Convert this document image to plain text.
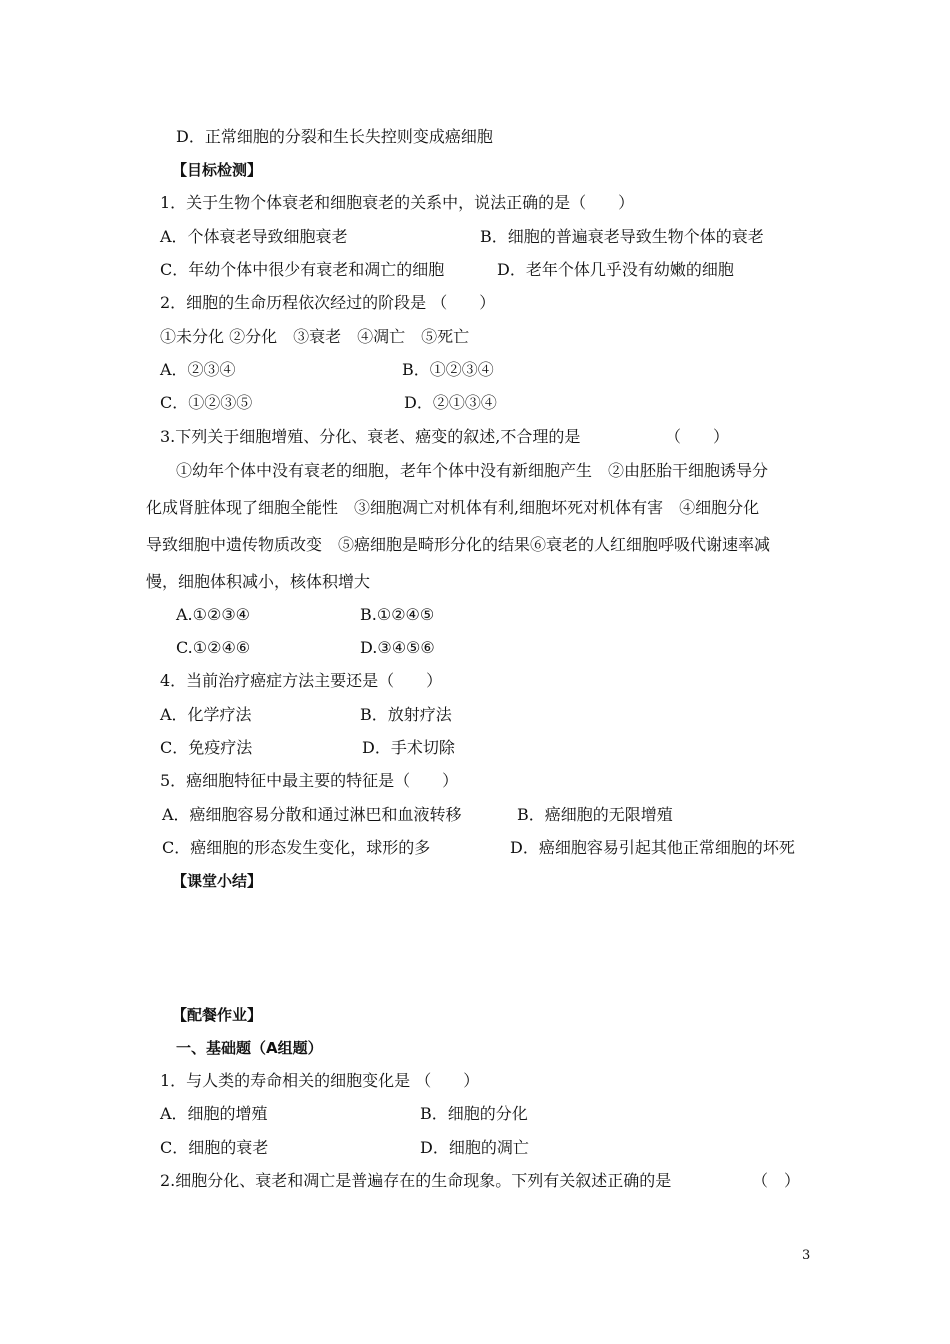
D．正常细胞的分裂和生长失控则变成癌细胞
【目标检测】
1．关于生物个体衰老和细胞衰老的关系中，说法正确的是（　　）
A．个体衰老导致细胞衰老	B．细胞的普遍衰老导致生物个体的衰老
C．年幼个体中很少有衰老和凋亡的细胞	D．老年个体几乎没有幼嫩的细胞
2．细胞的生命历程依次经过的阶段是 （　　）
①未分化 ②分化　③衰老　④凋亡　⑤死亡
A．②③④	B．①②③④
C．①②③⑤	D．②①③④
3.下列关于细胞增殖、分化、衰老、癌变的叙述,不合理的是	（　　）
①幼年个体中没有衰老的细胞，老年个体中没有新细胞产生　②由胚胎干细胞诱导分
化成肾脏体现了细胞全能性　③细胞凋亡对机体有利,细胞坏死对机体有害　④细胞分化
导致细胞中遗传物质改变　⑤癌细胞是畸形分化的结果⑥衰老的人红细胞呼吸代谢速率减
慢，细胞体积减小，核体积增大
A.①②③④	B.①②④⑤
C.①②④⑥	D.③④⑤⑥
4．当前治疗癌症方法主要还是（　　）
A．化学疗法	B．放射疗法
C．免疫疗法	D．手术切除
5．癌细胞特征中最主要的特征是（　　）
A．癌细胞容易分散和通过淋巴和血液转移	B．癌细胞的无限增殖
C．癌细胞的形态发生变化，球形的多	D．癌细胞容易引起其他正常细胞的坏死
【课堂小结】
【配餐作业】
一、基础题（A组题）
1．与人类的寿命相关的细胞变化是 （　　）
A．细胞的增殖	B．细胞的分化
C．细胞的衰老	D．细胞的凋亡
2.细胞分化、衰老和凋亡是普遍存在的生命现象。下列有关叙述正确的是	（　）
3
